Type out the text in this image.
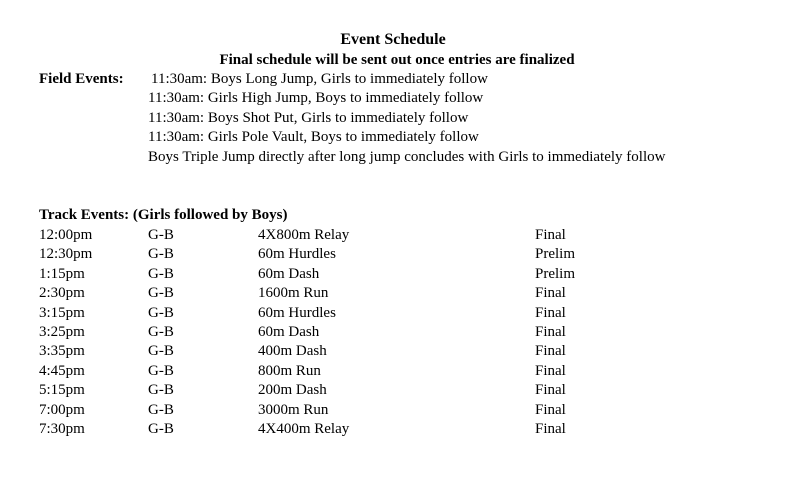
Event Schedule
Final schedule will be sent out once entries are finalized
Field Events: 11:30am: Boys Long Jump, Girls to immediately follow
11:30am: Girls High Jump, Boys to immediately follow
11:30am: Boys Shot Put, Girls to immediately follow
11:30am: Girls Pole Vault, Boys to immediately follow
Boys Triple Jump directly after long jump concludes with Girls to immediately follow
Track Events: (Girls followed by Boys)
12:00pm	G-B	4X800m Relay	Final
12:30pm	G-B	60m Hurdles	Prelim
1:15pm	G-B	60m Dash	Prelim
2:30pm	G-B	1600m Run	Final
3:15pm	G-B	60m Hurdles	Final
3:25pm	G-B	60m Dash	Final
3:35pm	G-B	400m Dash	Final
4:45pm	G-B	800m Run	Final
5:15pm	G-B	200m Dash	Final
7:00pm	G-B	3000m Run	Final
7:30pm	G-B	4X400m Relay	Final
